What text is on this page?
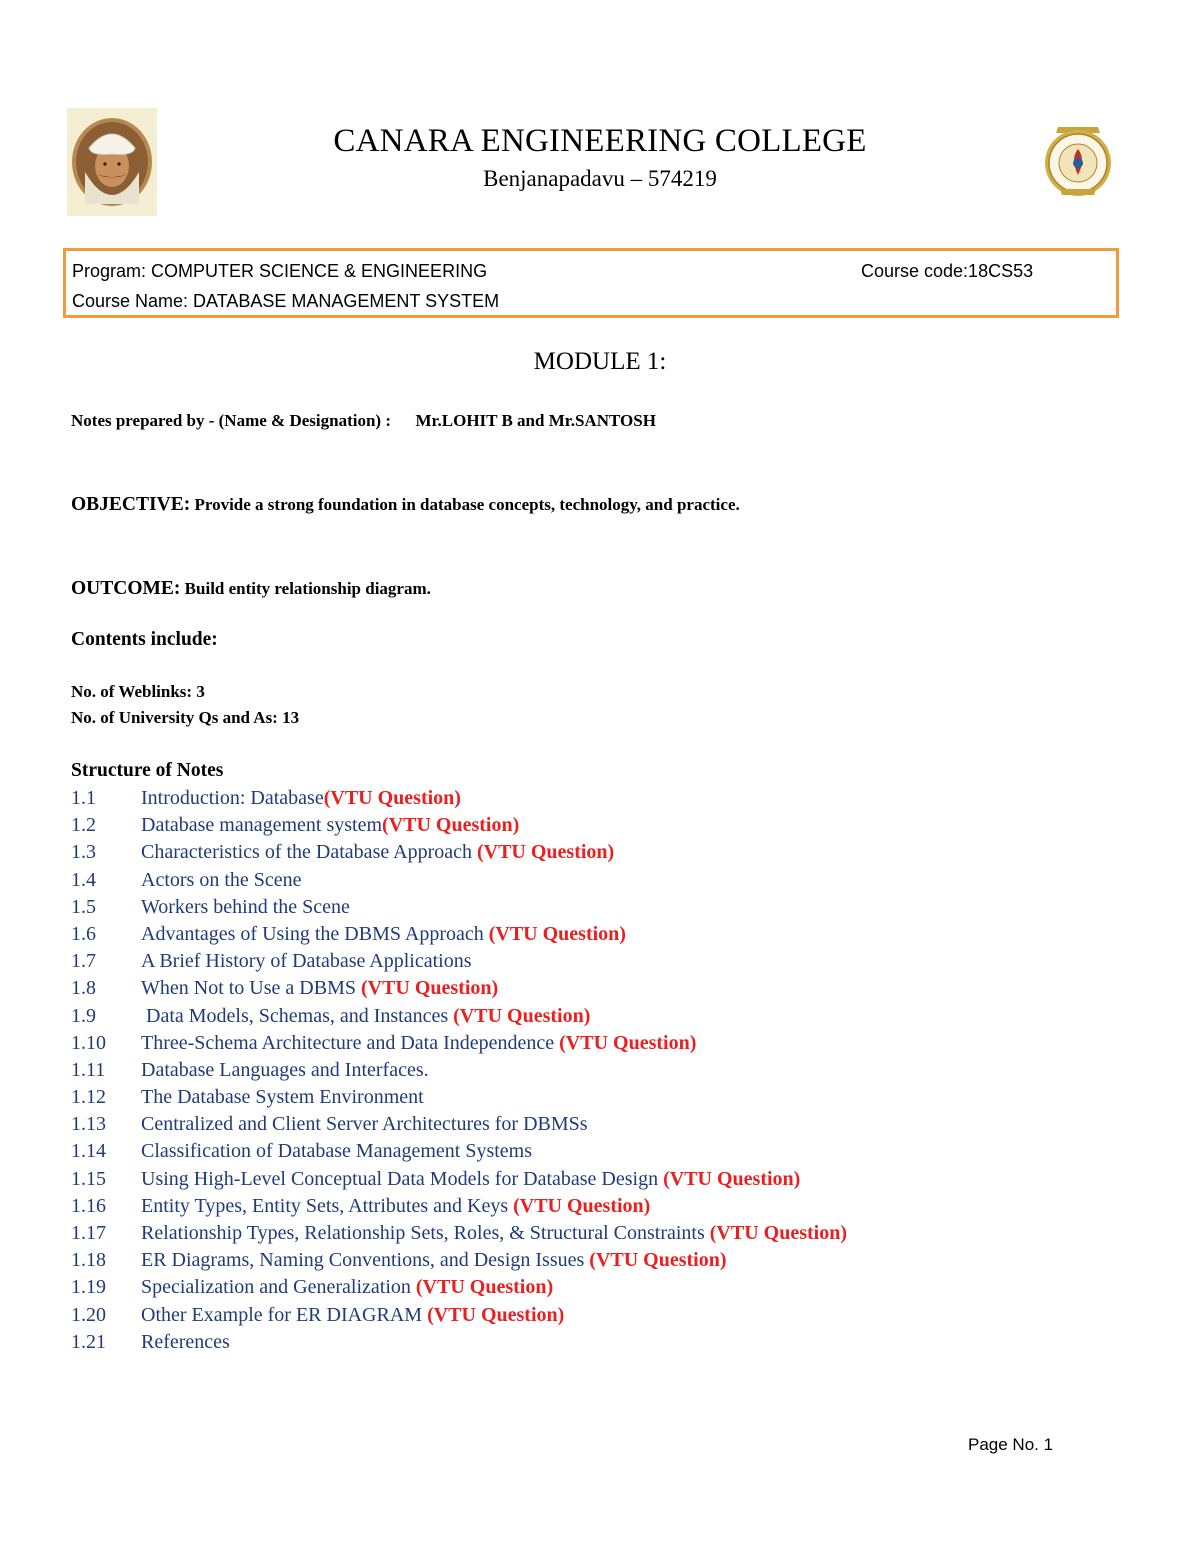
CANARA ENGINEERING COLLEGE
Benjanapadavu – 574219
Program: COMPUTER SCIENCE & ENGINEERING	Course code:18CS53
Course Name: DATABASE MANAGEMENT SYSTEM
MODULE 1:
Notes prepared by - (Name & Designation) : Mr.LOHIT B and Mr.SANTOSH
OBJECTIVE: Provide a strong foundation in database concepts, technology, and practice.
OUTCOME: Build entity relationship diagram.
Contents include:
No. of Weblinks: 3
No. of University Qs and As: 13
Structure of Notes
1.1 Introduction: Database(VTU Question)
1.2 Database management system(VTU Question)
1.3 Characteristics of the Database Approach (VTU Question)
1.4 Actors on the Scene
1.5 Workers behind the Scene
1.6 Advantages of Using the DBMS Approach (VTU Question)
1.7 A Brief History of Database Applications
1.8 When Not to Use a DBMS (VTU Question)
1.9 Data Models, Schemas, and Instances (VTU Question)
1.10 Three-Schema Architecture and Data Independence (VTU Question)
1.11 Database Languages and Interfaces.
1.12 The Database System Environment
1.13 Centralized and Client Server Architectures for DBMSs
1.14 Classification of Database Management Systems
1.15 Using High-Level Conceptual Data Models for Database Design (VTU Question)
1.16 Entity Types, Entity Sets, Attributes and Keys (VTU Question)
1.17 Relationship Types, Relationship Sets, Roles, & Structural Constraints (VTU Question)
1.18 ER Diagrams, Naming Conventions, and Design Issues (VTU Question)
1.19 Specialization and Generalization (VTU Question)
1.20 Other Example for ER DIAGRAM (VTU Question)
1.21 References
Page No. 1
